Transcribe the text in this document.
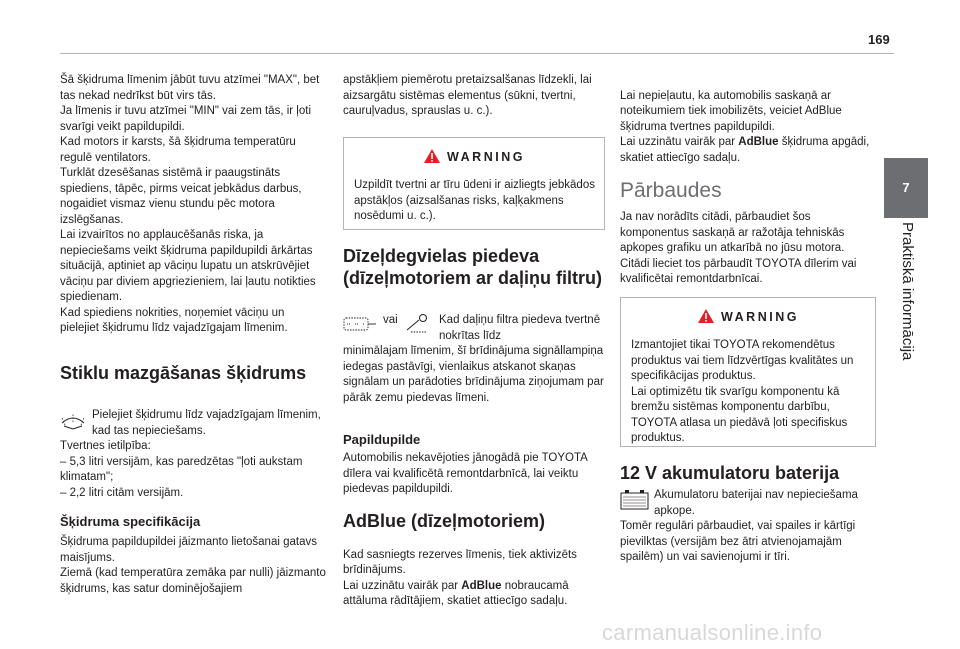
169
7
Praktiskā informācija

Šā šķidruma līmenim jābūt tuvu atzīmei "MAX", bet tas nekad nedrīkst būt virs tās.
Ja līmenis ir tuvu atzīmei "MIN" vai zem tās, ir ļoti svarīgi veikt papildupildi.
Kad motors ir karsts, šā šķidruma temperatūru regulē ventilators.
Turklāt dzesēšanas sistēmā ir paaugstināts spiediens, tāpēc, pirms veicat jebkādus darbus, nogaidiet vismaz vienu stundu pēc motora izslēgšanas.
Lai izvairītos no applaucēšanās riska, ja nepieciešams veikt šķidruma papildupildi ārkārtas situācijā, aptiniet ap vāciņu lupatu un atskrūvējiet vāciņu par diviem apgriezieniem, lai ļautu notikties spiedienam.
Kad spiediens nokrities, noņemiet vāciņu un pielejiet šķidrumu līdz vajadzīgajam līmenim.

Stiklu mazgāšanas šķidrums

Pielejiet šķidrumu līdz vajadzīgajam līmenim, kad tas nepieciešams.

Tvertnes ietilpība:
– 5,3 litri versijām, kas paredzētas "ļoti aukstam klimatam";
– 2,2 litri citām versijām.

Šķidruma specifikācija

Šķidruma papildupildei jāizmanto lietošanai gatavs maisījums.
Ziemā (kad temperatūra zemāka par nulli) jāizmanto šķidrums, kas satur dominējošajiem

apstākļiem piemērotu pretaizsalšanas līdzekli, lai aizsargātu sistēmas elementus (sūkni, tvertni, cauruļvadus, sprauslas u. c.).

WARNING
Uzpildīt tvertni ar tīru ūdeni ir aizliegts jebkādos apstākļos (aizsalšanas risks, kaļķakmens nosēdumi u. c.).

Dīzeļdegvielas piedeva (dīzeļmotoriem ar daļiņu filtru)

vai	Kad daļiņu filtra piedeva tvertnē nokrītas līdz

minimālajam līmenim, šī brīdinājuma signāllampiņa iedegas pastāvīgi, vienlaikus atskanot skaņas signālam un parādoties brīdinājuma ziņojumam par pārāk zemu piedevas līmeni.

Papildupilde

Automobilis nekavējoties jānogādā pie TOYOTA dīlera vai kvalificētā remontdarbnīcā, lai veiktu piedevas papildupildi.

AdBlue (dīzeļmotoriem)

Kad sasniegts rezerves līmenis, tiek aktivizēts brīdinājums.
Lai uzzinātu vairāk par AdBlue nobraucamā attāluma rādītājiem, skatiet attiecīgo sadaļu.

Lai nepieļautu, ka automobilis saskaņā ar noteikumiem tiek imobilizēts, veiciet AdBlue šķidruma tvertnes papildupildi.
Lai uzzinātu vairāk par AdBlue šķidruma apgādi, skatiet attiecīgo sadaļu.

Pārbaudes

Ja nav norādīts citādi, pārbaudiet šos komponentus saskaņā ar ražotāja tehniskās apkopes grafiku un atkarībā no jūsu motora.
Citādi lieciet tos pārbaudīt TOYOTA dīlerim vai kvalificētai remontdarbnīcai.

WARNING
Izmantojiet tikai TOYOTA rekomendētus produktus vai tiem līdzvērtīgas kvalitātes un specifikācijas produktus.
Lai optimizētu tik svarīgu komponentu kā bremžu sistēmas komponentu darbību, TOYOTA atlasa un piedāvā ļoti specifiskus produktus.

12 V akumulatoru baterija

Akumulatoru baterijai nav nepieciešama apkope.

Tomēr regulāri pārbaudiet, vai spailes ir kārtīgi pievilktas (versijām bez ātri atvienojamajām spailēm) un vai savienojumi ir tīri.

carmanualsonline.info
